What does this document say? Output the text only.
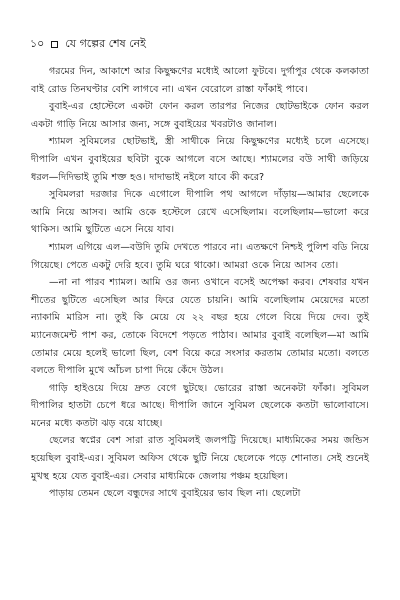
১০ যে গল্পের শেষ নেই

গরমের দিন, আকাশে আর কিছুক্ষণের মধ্যেই আলো ফুটবে। দুর্গাপুর থেকে কলকাতা বাই রোড তিনঘণ্টার বেশি লাগবে না। এখন বেরোলে রাস্তা ফাঁকাই পাবে।

বুবাই-এর হোস্টেলে একটা ফোন করল তারপর নিজের ছোটভাইকে ফোন করল একটা গাড়ি নিয়ে আসার জন্য, সঙ্গে বুবাইয়ের খবরটাও জানাল।

শ্যামল সুবিমলের ছোটভাই, স্ত্রী সাথীকে নিয়ে কিছুক্ষণের মধ্যেই চলে এসেছে। দীপালি এখন বুবাইয়ের ছবিটা বুকে আগলে বসে আছে। শ্যামলের বউ সাথী জড়িয়ে ধরল—দিদিভাই তুমি শক্ত হও। দাদাভাই নইলে যাবে কী করে?

সুবিমলরা দরজার দিকে এগোলে দীপালি পথ আগলে দাঁড়ায়—আমার ছেলেকে আমি নিয়ে আসব। আমি ওকে হস্টেলে রেখে এসেছিলাম। বলেছিলাম—ভালো করে থাকিস। আমি ছুটিতে এসে নিয়ে যাব।

শ্যামল এগিয়ে এল—বউদি তুমি দেখতে পারবে না। এতক্ষণে নিশ্চই পুলিশ বডি নিয়ে গিয়েছে। পেতে একটু দেরি হবে। তুমি ঘরে থাকো। আমরা ওকে নিয়ে আসব তো।

—না না পারব শ্যামল। আমি ওর জন্য ওখানে বসেই অপেক্ষা করব। শেষবার যখন শীতের ছুটিতে এসেছিল আর ফিরে যেতে চায়নি। আমি বলেছিলাম মেয়েদের মতো ন্যাকামি মারিস না। তুই কি মেয়ে যে ২২ বছর হয়ে গেলে বিয়ে দিয়ে দেব। তুই ম্যানেজমেন্ট পাশ কর, তোকে বিদেশে পড়তে পাঠাব। আমার বুবাই বলেছিল—মা আমি তোমার মেয়ে হলেই ভালো ছিল, বেশ বিয়ে করে সংসার করতাম তোমার মতো। বলতে বলতে দীপালি মুখে আঁচল চাপা দিয়ে কেঁদে উঠল।

গাড়ি হাইওয়ে দিয়ে দ্রুত বেগে ছুটছে। ভোরের রাস্তা অনেকটা ফাঁকা। সুবিমল দীপালির হাতটা চেপে ধরে আছে। দীপালি জানে সুবিমল ছেলেকে কতটা ভালোবাসে। মনের মধ্যে কতটা ঝড় বয়ে যাচ্ছে।

ছেলের স্বপ্নের বেশ সারা রাত সুবিমলই জলপট্টি দিয়েছে। মাধ্যমিকের সময় জন্ডিস হয়েছিল বুবাই-এর। সুবিমল অফিস থেকে ছুটি নিয়ে ছেলেকে পড়ে শোনাত। সেই শুনেই মুখস্থ হয়ে যেত বুবাই-এর। সেবার মাধ্যমিকে জেলায় পঞ্চম হয়েছিল।

পাড়ায় তেমন ছেলে বন্ধুদের সাথে বুবাইয়ের ভাব ছিল না। ছেলেটা
